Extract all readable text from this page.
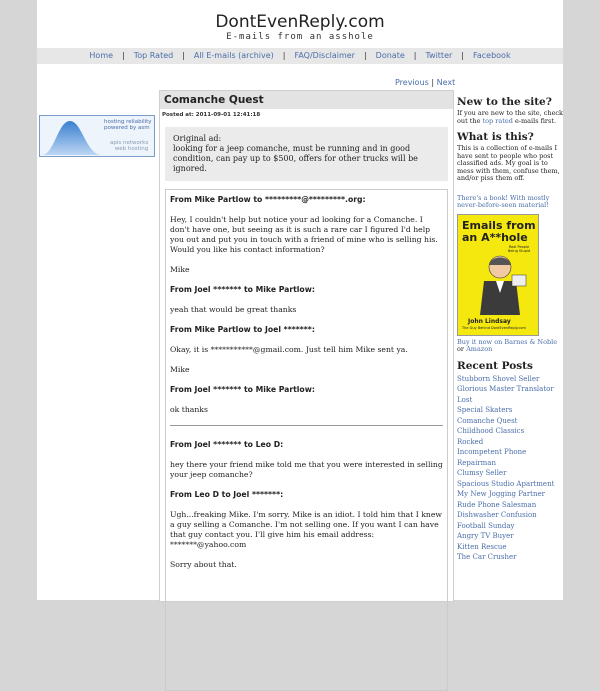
DontEvenReply.com
E-mails from an asshole
Home | Top Rated | All E-mails (archive) | FAQ/Disclaimer | Donate | Twitter | Facebook
Previous | Next
hosting reliability
powered by asm
apis networks
web hosting
Comanche Quest
Posted at: 2011-09-01 12:41:18
Original ad:
looking for a jeep comanche, must be running and in good condition, can pay up to $500, offers for other trucks will be ignored.
From Mike Partlow to *********@*********.org:

Hey, I couldn't help but notice your ad looking for a Comanche. I don't have one, but seeing as it is such a rare car I figured I'd help you out and put you in touch with a friend of mine who is selling his. Would you like his contact information?

Mike

From Joel ******* to Mike Partlow:

yeah that would be great thanks

From Mike Partlow to Joel *******:

Okay, it is ***********@gmail.com. Just tell him Mike sent ya.

Mike

From Joel ******* to Mike Partlow:

ok thanks

From Joel ******* to Leo D:

hey there your friend mike told me that you were interested in selling your jeep comanche?

From Leo D to Joel *******:

Ugh...freaking Mike. I'm sorry. Mike is an idiot. I told him that I knew a guy selling a Comanche. I'm not selling one. If you want I can have that guy contact you. I'll give him his email address: *******@yahoo.com

Sorry about that.

New to the site?
If you are new to the site, check out the top rated e-mails first.
What is this?
This is a collection of e-mails I have sent to people who post classified ads. My goal is to mess with them, confuse them, and/or piss them off.
There's a book! With mostly never-before-seen material!
Emails from an A**hole
Real People Being Stupid
John Lindsay
The Guy Behind DontEvenReply.com
Buy it now on Barnes & Noble or Amazon
Recent Posts
Stubborn Shovel Seller
Glorious Master Translator
Lost
Special Skaters
Comanche Quest
Childhood Classics
Rocked
Incompetent Phone Repairman
Clumsy Seller
Spacious Studio Apartment
My New Jogging Partner
Rude Phone Salesman
Dishwasher Confusion
Football Sunday
Angry TV Buyer
Kitten Rescue
The Car Crusher
